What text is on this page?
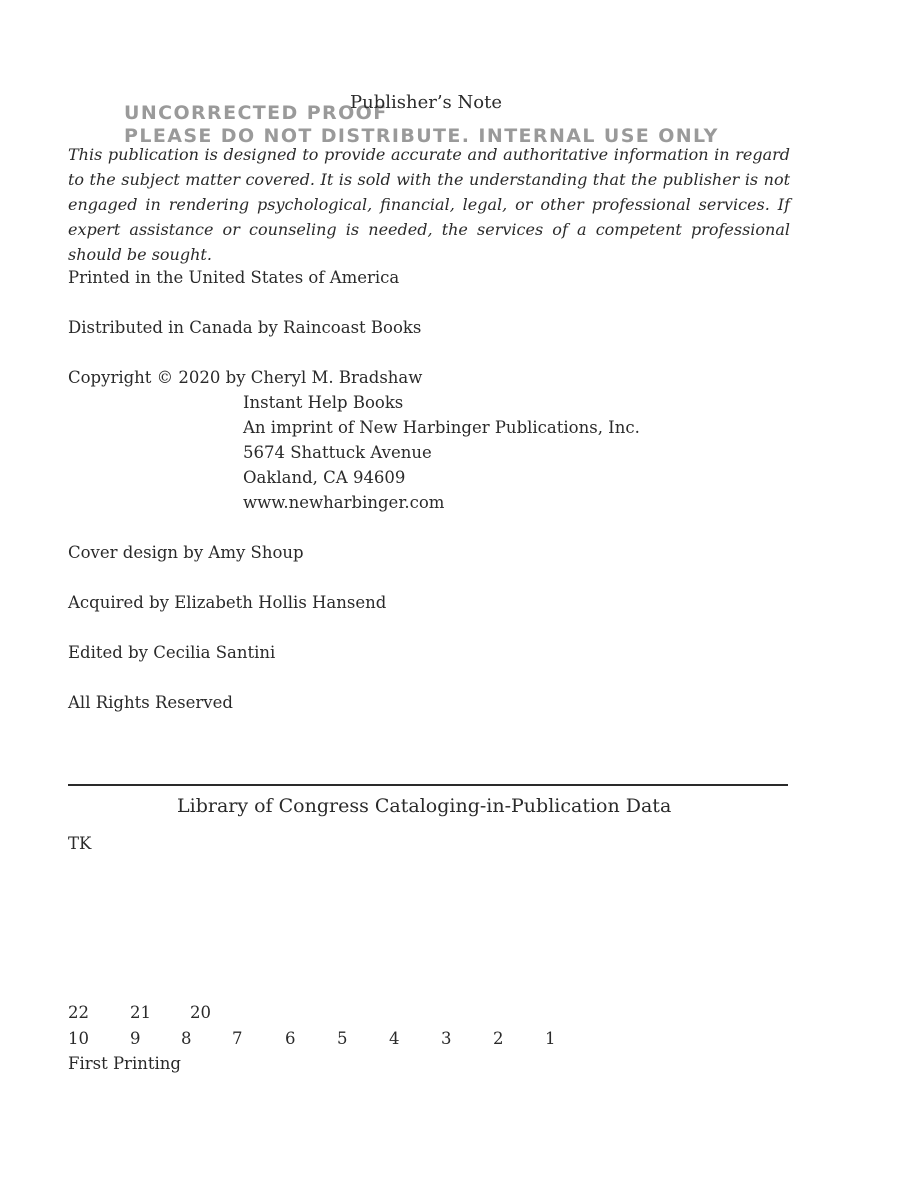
UNCORRECTED PROOF
PLEASE DO NOT DISTRIBUTE. INTERNAL USE ONLY
Publisher’s Note
This publication is designed to provide accurate and authoritative information in regard to the subject matter covered. It is sold with the understanding that the publisher is not engaged in rendering psychological, financial, legal, or other professional services. If expert assistance or counseling is needed, the services of a competent professional should be sought.
Printed in the United States of America
Distributed in Canada by Raincoast Books
Copyright © 2020 by Cheryl M. Bradshaw
Instant Help Books
An imprint of New Harbinger Publications, Inc.
5674 Shattuck Avenue
Oakland, CA 94609
www.newharbinger.com
Cover design by Amy Shoup
Acquired by Elizabeth Hollis Hansend
Edited by Cecilia Santini
All Rights Reserved
Library of Congress Cataloging-in-Publication Data
TK
22 21 20
10 9 8 7	6	5	4	3	2	1
First Printing
